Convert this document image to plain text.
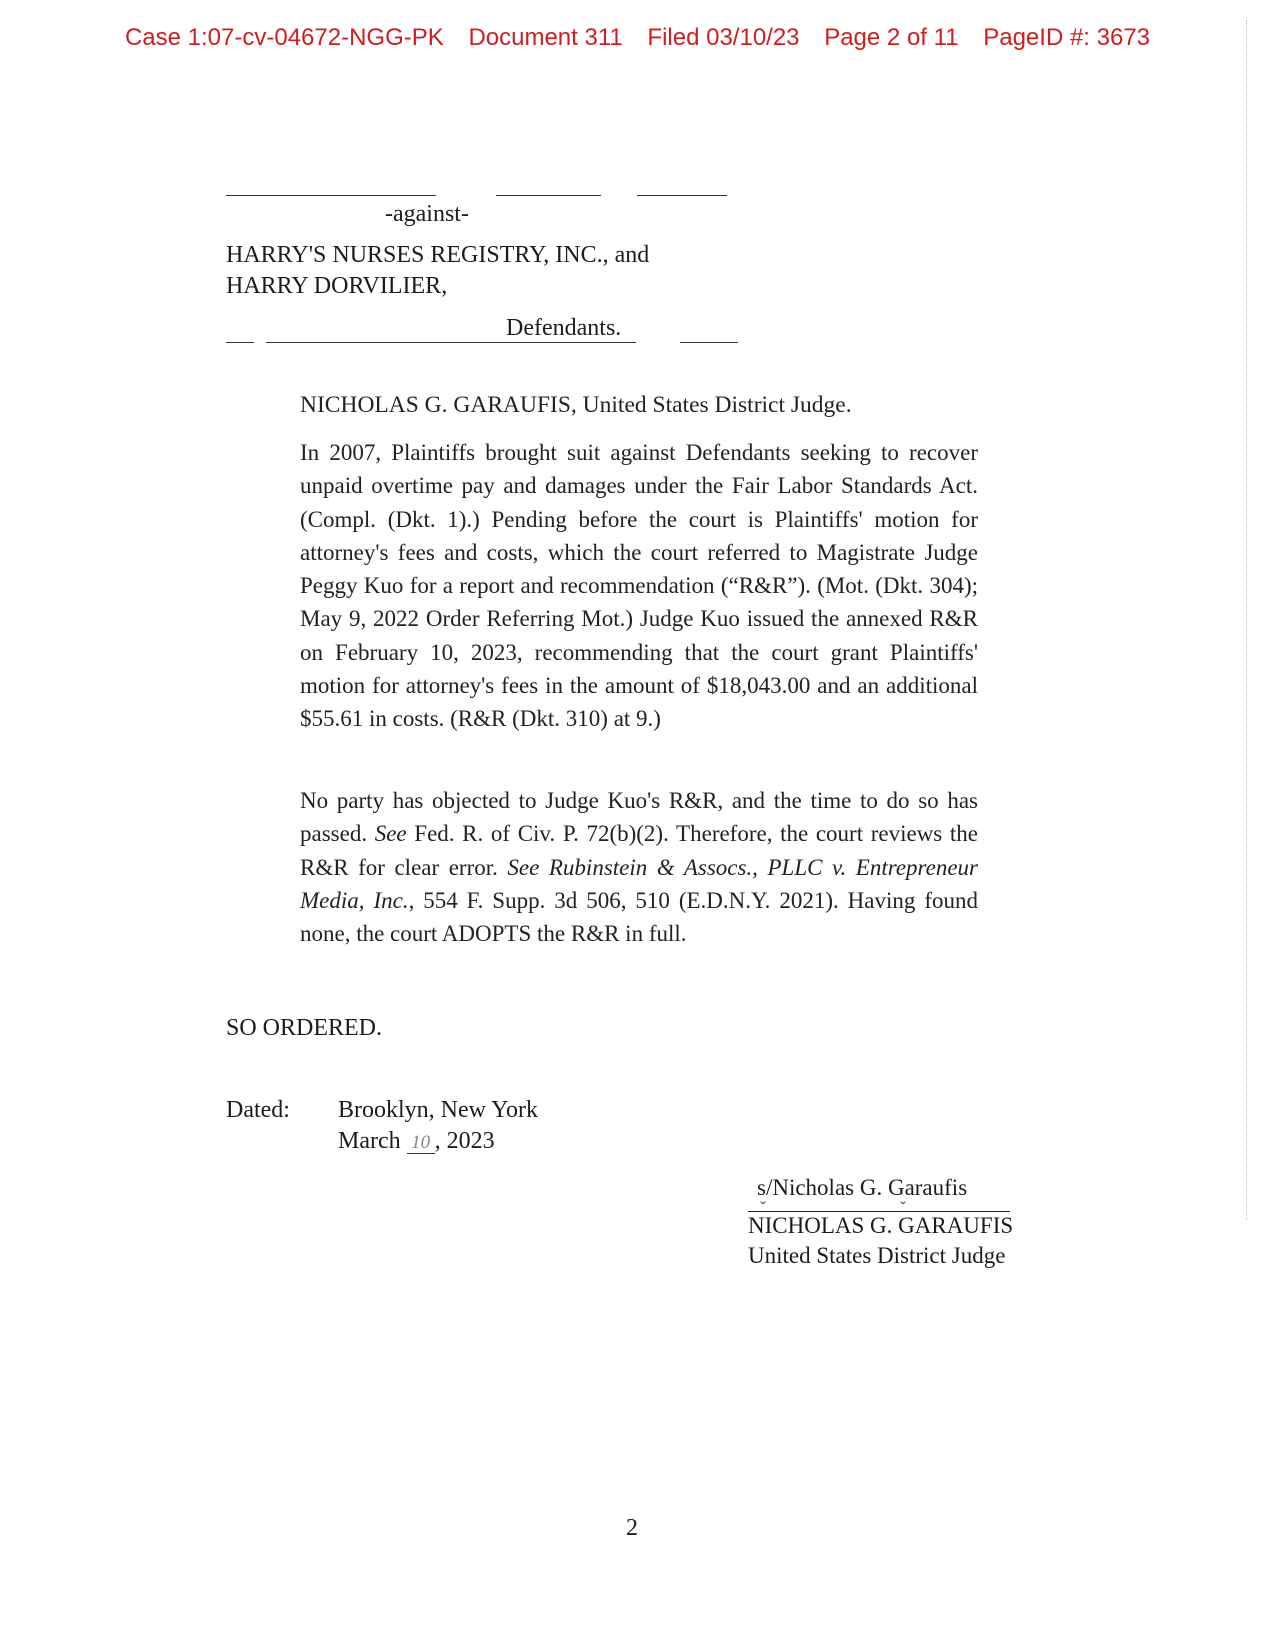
Case 1:07-cv-04672-NGG-PK Document 311 Filed 03/10/23 Page 2 of 11 PageID #: 3673
-against-
HARRY'S NURSES REGISTRY, INC., and
HARRY DORVILIER,
Defendants.
NICHOLAS G. GARAUFIS, United States District Judge.
In 2007, Plaintiffs brought suit against Defendants seeking to recover unpaid overtime pay and damages under the Fair Labor Standards Act. (Compl. (Dkt. 1).) Pending before the court is Plaintiffs' motion for attorney's fees and costs, which the court referred to Magistrate Judge Peggy Kuo for a report and recommendation (“R&R”). (Mot. (Dkt. 304); May 9, 2022 Order Referring Mot.) Judge Kuo issued the annexed R&R on February 10, 2023, recommending that the court grant Plaintiffs' motion for attorney's fees in the amount of $18,043.00 and an additional $55.61 in costs. (R&R (Dkt. 310) at 9.)
No party has objected to Judge Kuo's R&R, and the time to do so has passed. See Fed. R. of Civ. P. 72(b)(2). Therefore, the court reviews the R&R for clear error. See Rubinstein & Assocs., PLLC v. Entrepreneur Media, Inc., 554 F. Supp. 3d 506, 510 (E.D.N.Y. 2021). Having found none, the court ADOPTS the R&R in full.
SO ORDERED.
Dated: Brooklyn, New York
March 10 , 2023
s/Nicholas G. Garaufis
ˇ	ˇ
NICHOLAS G. GARAUFIS
United States District Judge
2
